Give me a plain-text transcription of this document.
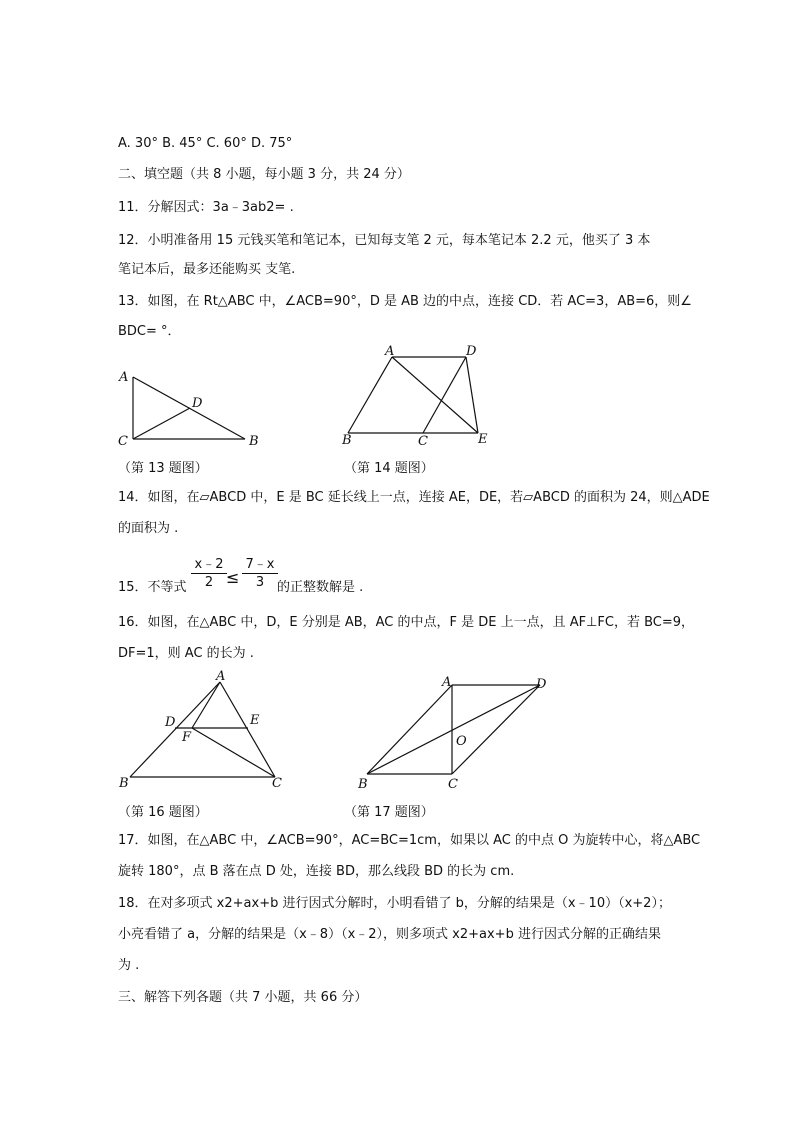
A. 30° B. 45° C. 60° D. 75°
二、填空题（共 8 小题，每小题 3 分，共 24 分）
11．分解因式：3a﹣3ab2= .
12．小明准备用 15 元钱买笔和笔记本，已知每支笔 2 元，每本笔记本 2.2 元，他买了 3 本
笔记本后，最多还能购买 支笔.
13．如图，在 Rt△ABC 中，∠ACB=90°，D 是 AB 边的中点，连接 CD．若 AC=3，AB=6，则∠
BDC= °．
A
D
C	B
（第 13 题图）
A	D
B	C	E
（第 14 题图）
14．如图，在▱ABCD 中，E 是 BC 延长线上一点，连接 AE，DE，若▱ABCD 的面积为 24，则△ADE
的面积为 .
15．不等式 $\frac{x﹣2}{2} \le \frac{7﹣x}{3}$ 的正整数解是 .
16．如图，在△ABC 中，D，E 分别是 AB，AC 的中点，F 是 DE 上一点，且 AF⊥FC，若 BC=9，
DF=1，则 AC 的长为 .
A
D	E
F
B	C
（第 16 题图）
A	D
O
B	C
（第 17 题图）
17．如图，在△ABC 中，∠ACB=90°，AC=BC=1cm，如果以 AC 的中点 O 为旋转中心，将△ABC
旋转 180°，点 B 落在点 D 处，连接 BD，那么线段 BD 的长为 cm.
18．在对多项式 x2+ax+b 进行因式分解时，小明看错了 b，分解的结果是（x﹣10）（x+2）；
小亮看错了 a，分解的结果是（x﹣8）（x﹣2），则多项式 x2+ax+b 进行因式分解的正确结果
为 .
三、解答下列各题（共 7 小题，共 66 分）
